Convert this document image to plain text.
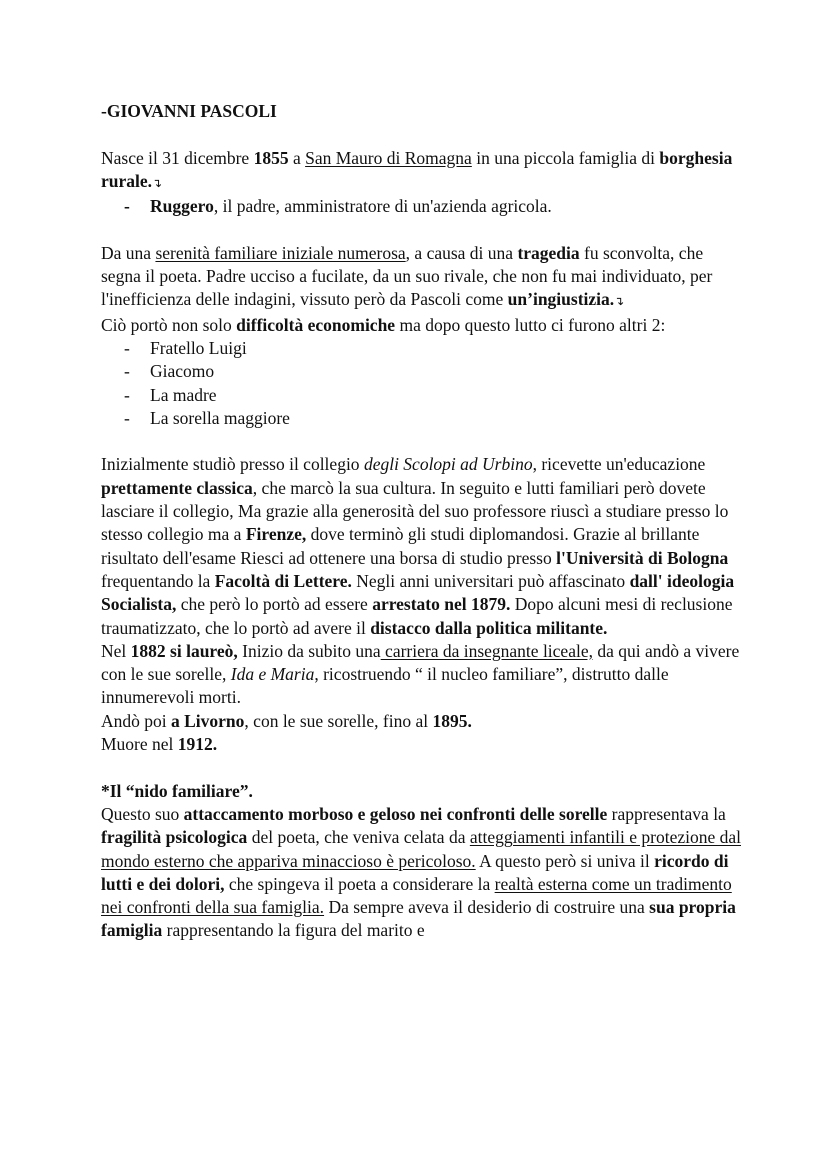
-GIOVANNI PASCOLI

Nasce il 31 dicembre 1855 a San Mauro di Romagna in una piccola famiglia di borghesia rurale.↴

- Ruggero, il padre, amministratore di un'azienda agricola.

Da una serenità familiare iniziale numerosa, a causa di una tragedia fu sconvolta, che segna il poeta. Padre ucciso a fucilate, da un suo rivale, che non fu mai individuato, per l'inefficienza delle indagini, vissuto però da Pascoli come un’ingiustizia.↴

Ciò portò non solo difficoltà economiche ma dopo questo lutto ci furono altri 2:

- Fratello Luigi
- Giacomo
- La madre
- La sorella maggiore

Inizialmente studiò presso il collegio degli Scolopi ad Urbino, ricevette un'educazione prettamente classica, che marcò la sua cultura. In seguito e lutti familiari però dovete lasciare il collegio, Ma grazie alla generosità del suo professore riuscì a studiare presso lo stesso collegio ma a Firenze, dove terminò gli studi diplomandosi. Grazie al brillante risultato dell'esame Riesci ad ottenere una borsa di studio presso l'Università di Bologna frequentando la Facoltà di Lettere. Negli anni universitari può affascinato dall' ideologia Socialista, che però lo portò ad essere arrestato nel 1879. Dopo alcuni mesi di reclusione traumatizzato, che lo portò ad avere il distacco dalla politica militante.

Nel 1882 si laureò, Inizio da subito una carriera da insegnante liceale, da qui andò a vivere con le sue sorelle, Ida e Maria, ricostruendo “ il nucleo familiare”, distrutto dalle innumerevoli morti.

Andò poi a Livorno, con le sue sorelle, fino al 1895.

Muore nel 1912.

*Il “nido familiare”.

Questo suo attaccamento morboso e geloso nei confronti delle sorelle rappresentava la fragilità psicologica del poeta, che veniva celata da atteggiamenti infantili e protezione dal mondo esterno che appariva minaccioso è pericoloso. A questo però si univa il ricordo di lutti e dei dolori, che spingeva il poeta a considerare la realtà esterna come un tradimento nei confronti della sua famiglia. Da sempre aveva il desiderio di costruire una sua propria famiglia rappresentando la figura del marito e
